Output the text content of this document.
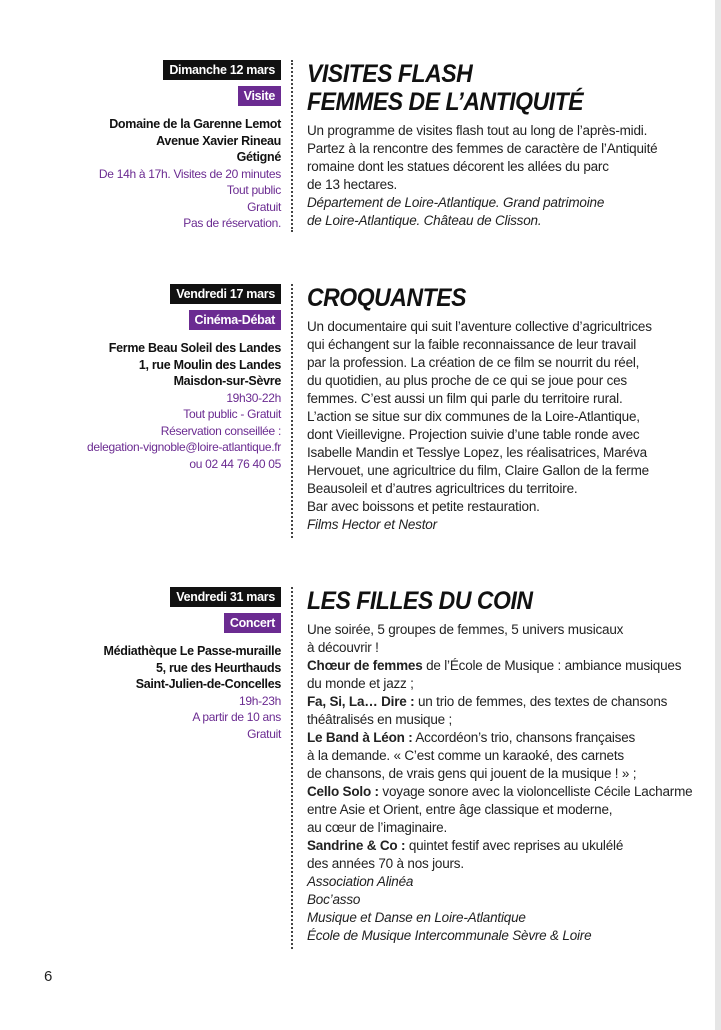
Dimanche 12 mars
Visite
Domaine de la Garenne Lemot
Avenue Xavier Rineau
Gétigné
De 14h à 17h. Visites de 20 minutes
Tout public
Gratuit
Pas de réservation.
VISITES FLASH
FEMMES DE L’ANTIQUITÉ
Un programme de visites flash tout au long de l’après-midi.
Partez à la rencontre des femmes de caractère de l’Antiquité
romaine dont les statues décorent les allées du parc
de 13 hectares.
Département de Loire-Atlantique. Grand patrimoine
de Loire-Atlantique. Château de Clisson.
Vendredi 17 mars
Cinéma-Débat
Ferme Beau Soleil des Landes
1, rue Moulin des Landes
Maisdon-sur-Sèvre
19h30-22h
Tout public - Gratuit
Réservation conseillée :
delegation-vignoble@loire-atlantique.fr
ou 02 44 76 40 05
CROQUANTES
Un documentaire qui suit l’aventure collective d’agricultrices
qui échangent sur la faible reconnaissance de leur travail
par la profession. La création de ce film se nourrit du réel,
du quotidien, au plus proche de ce qui se joue pour ces
femmes. C’est aussi un film qui parle du territoire rural.
L’action se situe sur dix communes de la Loire-Atlantique,
dont Vieillevigne. Projection suivie d’une table ronde avec
Isabelle Mandin et Tesslye Lopez, les réalisatrices, Maréva
Hervouet, une agricultrice du film, Claire Gallon de la ferme
Beausoleil et d’autres agricultrices du territoire.
Bar avec boissons et petite restauration.
Films Hector et Nestor
Vendredi 31 mars
Concert
Médiathèque Le Passe-muraille
5, rue des Heurthauds
Saint-Julien-de-Concelles
19h-23h
A partir de 10 ans
Gratuit
LES FILLES DU COIN
Une soirée, 5 groupes de femmes, 5 univers musicaux
à découvrir !
Chœur de femmes de l’École de Musique : ambiance musiques
du monde et jazz ;
Fa, Si, La… Dire : un trio de femmes, des textes de chansons
théâtralisés en musique ;
Le Band à Léon : Accordéon’s trio, chansons françaises
à la demande. « C’est comme un karaoké, des carnets
de chansons, de vrais gens qui jouent de la musique ! » ;
Cello Solo : voyage sonore avec la violoncelliste Cécile Lacharme
entre Asie et Orient, entre âge classique et moderne,
au cœur de l’imaginaire.
Sandrine & Co : quintet festif avec reprises au ukulélé
des années 70 à nos jours.
Association Alinéa
Boc’asso
Musique et Danse en Loire-Atlantique
École de Musique Intercommunale Sèvre & Loire
6
